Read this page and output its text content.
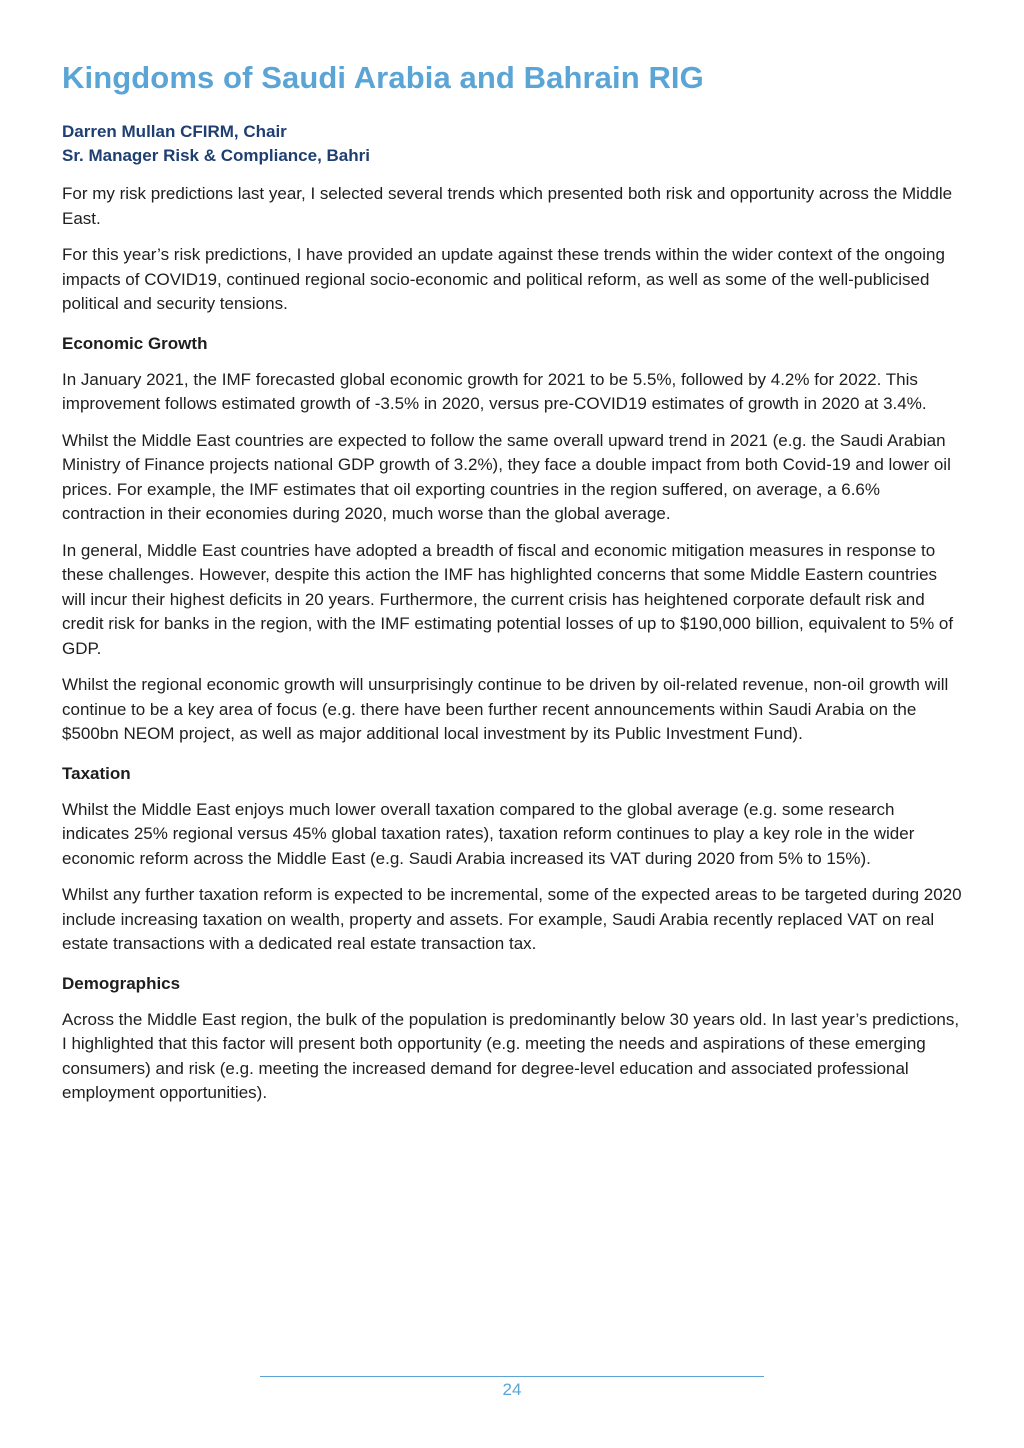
Kingdoms of Saudi Arabia and Bahrain RIG
Darren Mullan CFIRM, Chair
Sr. Manager Risk & Compliance, Bahri

For my risk predictions last year, I selected several trends which presented both risk and opportunity across the Middle East.

For this year’s risk predictions, I have provided an update against these trends within the wider context of the ongoing impacts of COVID19, continued regional socio-economic and political reform, as well as some of the well-publicised political and security tensions.

Economic Growth

In January 2021, the IMF forecasted global economic growth for 2021 to be 5.5%, followed by 4.2% for 2022. This improvement follows estimated growth of -3.5% in 2020, versus pre-COVID19 estimates of growth in 2020 at 3.4%.

Whilst the Middle East countries are expected to follow the same overall upward trend in 2021 (e.g. the Saudi Arabian Ministry of Finance projects national GDP growth of 3.2%), they face a double impact from both Covid-19 and lower oil prices. For example, the IMF estimates that oil exporting countries in the region suffered, on average, a 6.6% contraction in their economies during 2020, much worse than the global average.

In general, Middle East countries have adopted a breadth of fiscal and economic mitigation measures in response to these challenges. However, despite this action the IMF has highlighted concerns that some Middle Eastern countries will incur their highest deficits in 20 years. Furthermore, the current crisis has heightened corporate default risk and credit risk for banks in the region, with the IMF estimating potential losses of up to $190,000 billion, equivalent to 5% of GDP.

Whilst the regional economic growth will unsurprisingly continue to be driven by oil-related revenue, non-oil growth will continue to be a key area of focus (e.g. there have been further recent announcements within Saudi Arabia on the $500bn NEOM project, as well as major additional local investment by its Public Investment Fund).

Taxation

Whilst the Middle East enjoys much lower overall taxation compared to the global average (e.g. some research indicates 25% regional versus 45% global taxation rates), taxation reform continues to play a key role in the wider economic reform across the Middle East (e.g. Saudi Arabia increased its VAT during 2020 from 5% to 15%).

Whilst any further taxation reform is expected to be incremental, some of the expected areas to be targeted during 2020 include increasing taxation on wealth, property and assets. For example, Saudi Arabia recently replaced VAT on real estate transactions with a dedicated real estate transaction tax.

Demographics

Across the Middle East region, the bulk of the population is predominantly below 30 years old. In last year’s predictions, I highlighted that this factor will present both opportunity (e.g. meeting the needs and aspirations of these emerging consumers) and risk (e.g. meeting the increased demand for degree-level education and associated professional employment opportunities).

24
